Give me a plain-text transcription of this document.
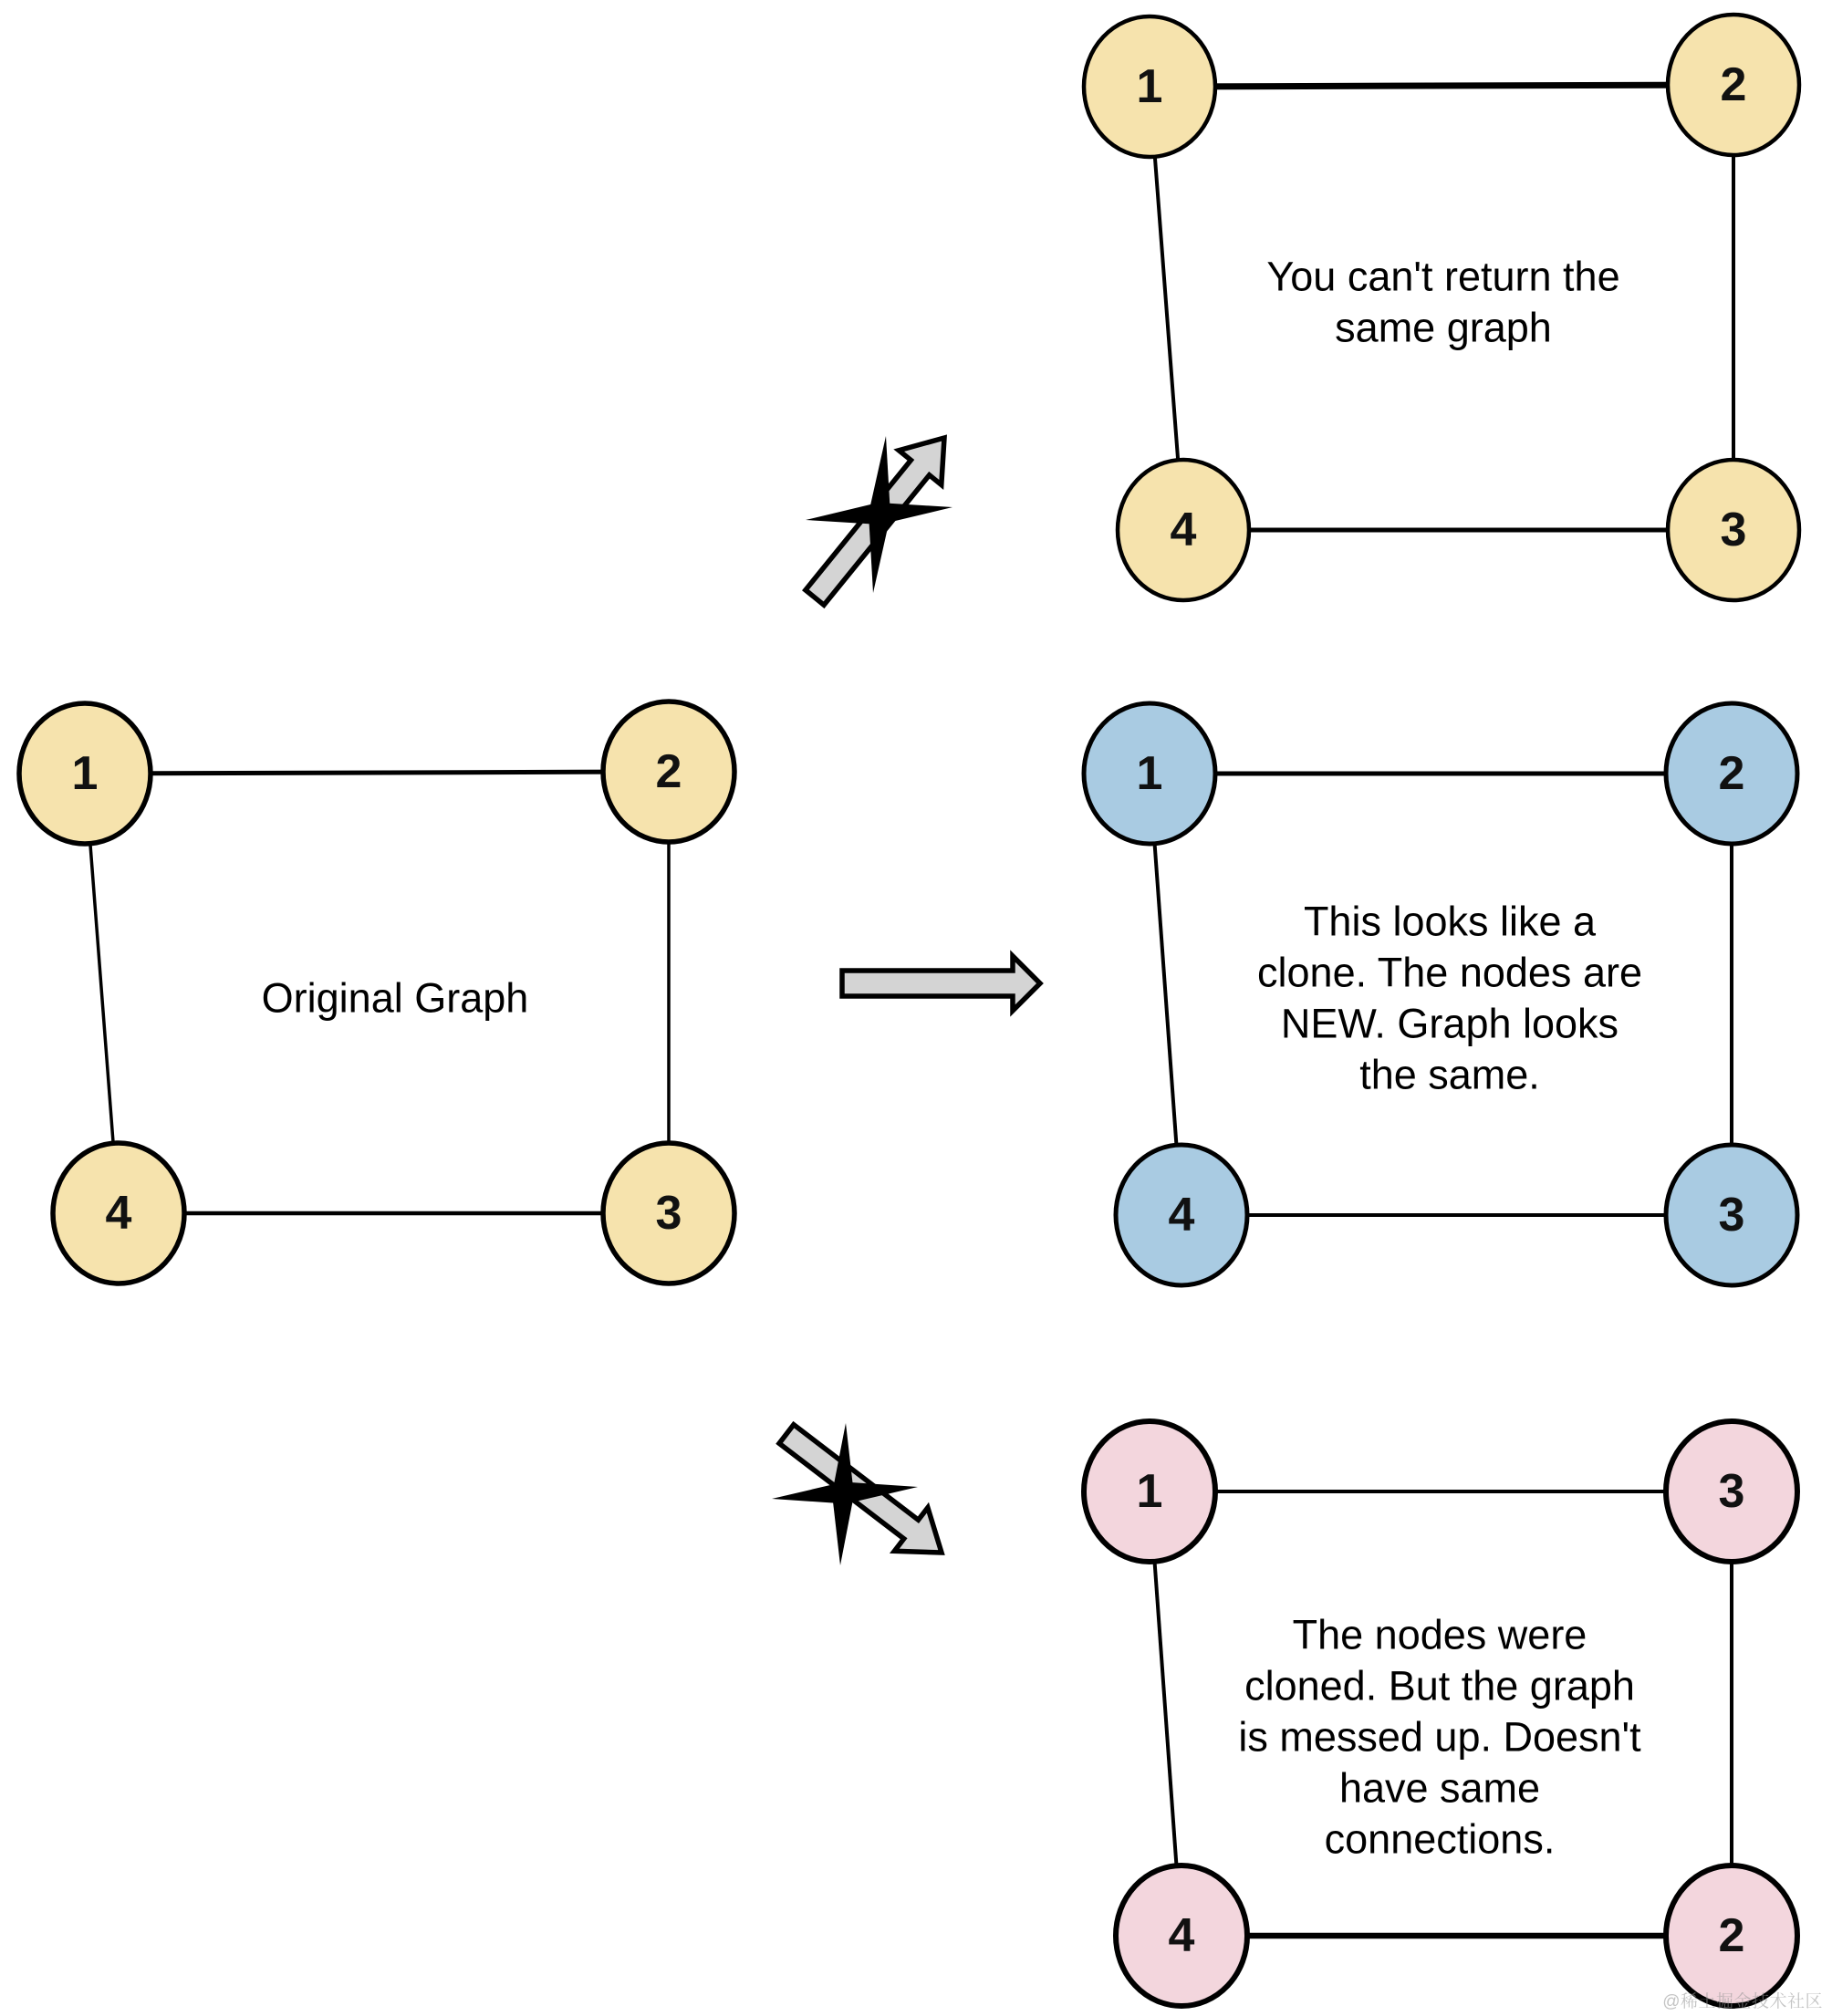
1	2
3
4
Original Graph
1	2
3
4
You can't return the same graph
1	2
3
4
This looks like a clone. The nodes are NEW. Graph looks the same.
1	3
2
4
The nodes were cloned. But the graph is messed up. Doesn't have same connections.
@稀土掘金技术社区
